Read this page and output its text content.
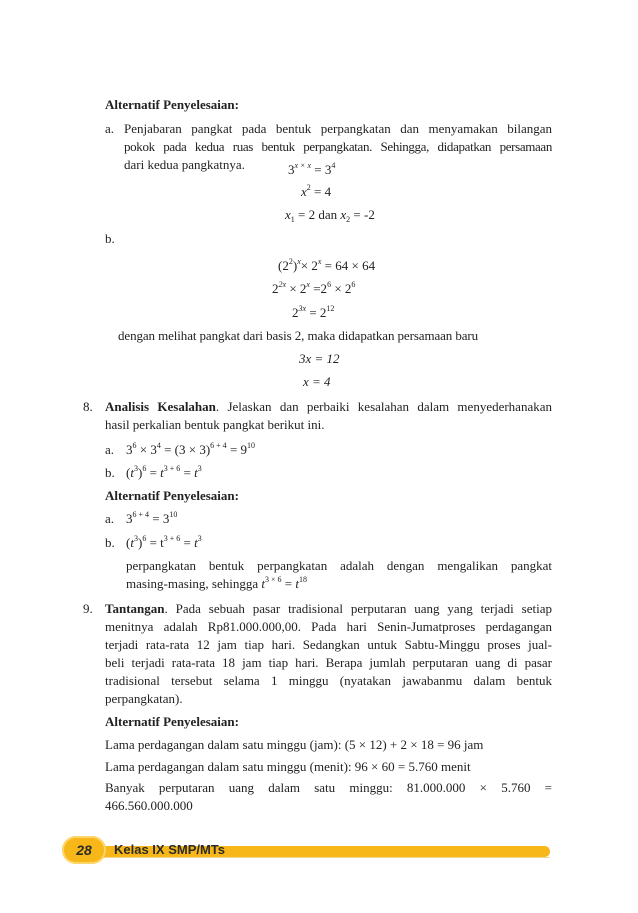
Alternatif Penyelesaian:
a. Penjabaran pangkat pada bentuk perpangkatan dan menyamakan bilangan
pokok pada kedua ruas bentuk perpangkatan. Sehingga, didapatkan persamaan
dari kedua pangkatnya.	$3^{x \times x} = 3^4$
$x^2 = 4$
$x_1 = 2$ dan $x_2 = -2$
b.
$(2^2)^x\times 2^x = 64 \times 64$
$2^{2x} \times 2^x =2^6 \times 2^6$
$2^{3x} = 2^{12}$
dengan melihat pangkat dari basis 2, maka didapatkan persamaan baru
3x = 12
x = 4
8. Analisis Kesalahan. Jelaskan dan perbaiki kesalahan dalam menyederhanakan
hasil perkalian bentuk pangkat berikut ini.
a. $3^6 \times 3^4 = (3 \times 3)^{6 + 4} = 9^{10}$
b. $(t^3)^6 = t^{3 + 6} = t^3$
Alternatif Penyelesaian:
a. $3^{6 + 4} = 3^{10}$
b. $(t^3)^6 = t^{3 + 6} = t^3$
perpangkatan bentuk perpangkatan adalah dengan mengalikan pangkat
masing-masing, sehingga $t^{3 \times 6} = t^{18}$
9. Tantangan. Pada sebuah pasar tradisional perputaran uang yang terjadi setiap
menitnya adalah Rp81.000.000,00. Pada hari Senin-Jumatproses perdagangan
terjadi rata-rata 12 jam tiap hari. Sedangkan untuk Sabtu-Minggu proses jual-
beli terjadi rata-rata 18 jam tiap hari. Berapa jumlah perputaran uang di pasar
tradisional tersebut selama 1 minggu (nyatakan jawabanmu dalam bentuk
perpangkatan).
Alternatif Penyelesaian:
Lama perdagangan dalam satu minggu (jam): (5 × 12) + 2 × 18 = 96 jam
Lama perdagangan dalam satu minggu (menit): 96 × 60 = 5.760 menit
Banyak perputaran uang dalam satu minggu: 81.000.000 × 5.760 =
466.560.000.000
28	Kelas IX SMP/MTs
